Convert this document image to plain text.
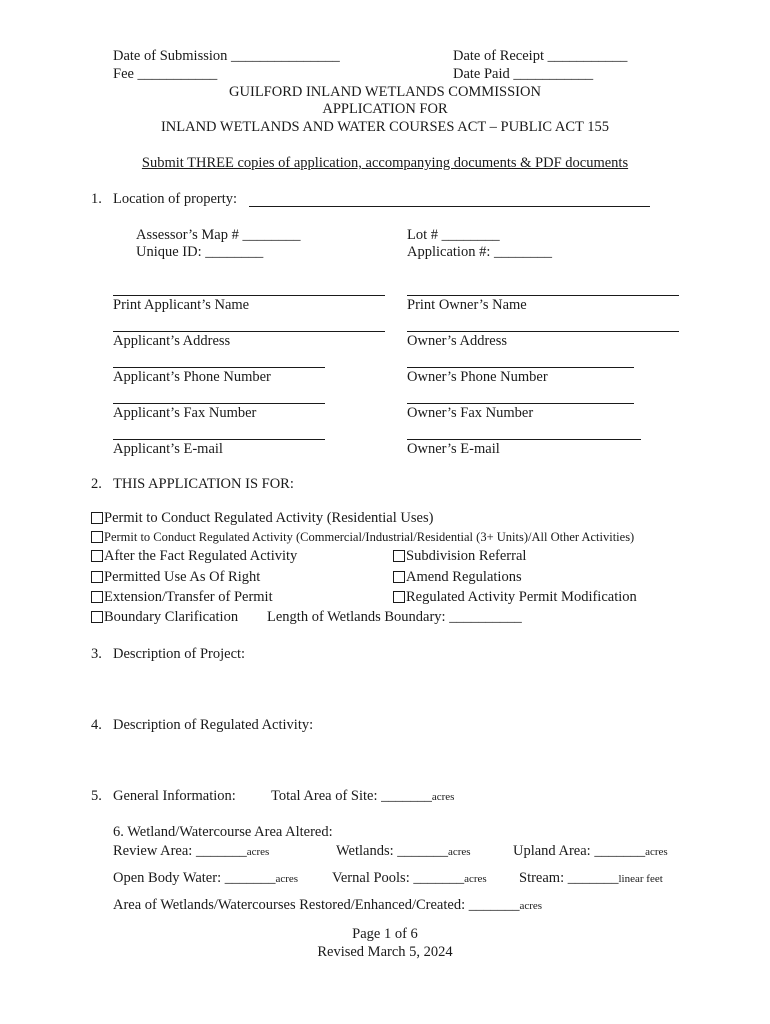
Date of Submission _______________
Fee ___________
Date of Receipt ___________
Date Paid ___________
GUILFORD INLAND WETLANDS COMMISSION
APPLICATION FOR
INLAND WETLANDS AND WATER COURSES ACT – PUBLIC ACT 155
Submit THREE copies of application, accompanying documents & PDF documents
1. Location of property:
Assessor’s Map # ________
Unique ID: ________
Lot # ________
Application #: ________
Print Applicant’s Name
Applicant’s Address
Applicant’s Phone Number
Applicant’s Fax Number
Applicant’s E-mail
Print Owner’s Name
Owner’s Address
Owner’s Phone Number
Owner’s Fax Number
Owner’s E-mail
2. THIS APPLICATION IS FOR:
Permit to Conduct Regulated Activity (Residential Uses)
Permit to Conduct Regulated Activity (Commercial/Industrial/Residential (3+ Units)/All Other Activities)
After the Fact Regulated Activity
Permitted Use As Of Right
Extension/Transfer of Permit
Boundary Clarification Length of Wetlands Boundary: __________
Subdivision Referral
Amend Regulations
Regulated Activity Permit Modification
3. Description of Project:
4. Description of Regulated Activity:
5. General Information: Total Area of Site: _______acres
6. Wetland/Watercourse Area Altered:
Review Area: _______acres	Wetlands: _______acres	Upland Area: _______acres
Open Body Water: _______acres Vernal Pools: _______acres Stream: _______linear feet
Area of Wetlands/Watercourses Restored/Enhanced/Created: _______acres
Page 1 of 6
Revised March 5, 2024
